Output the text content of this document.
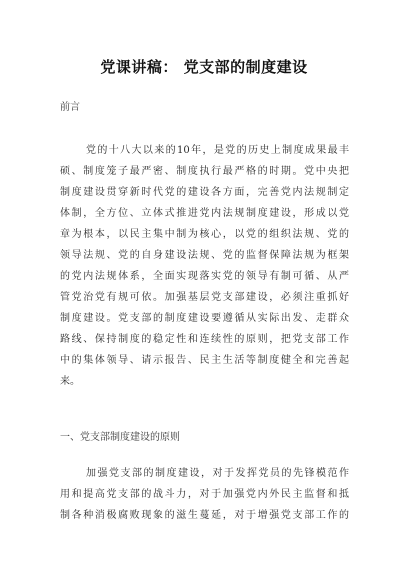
党课讲稿： 党支部的制度建设

前言

党的十八大以来的10年，是党的历史上制度成果最丰
硕、制度笼子最严密、制度执行最严格的时期。党中央把
制度建设贯穿新时代党的建设各方面，完善党内法规制定
体制，全方位、立体式推进党内法规制度建设，形成以党
章为根本，以民主集中制为核心，以党的组织法规、党的
领导法规、党的自身建设法规、党的监督保障法规为框架
的党内法规体系，全面实现落实党的领导有制可循、从严
管党治党有规可依。加强基层党支部建设，必须注重抓好
制度建设。党支部的制度建设要遵循从实际出发、走群众
路线、保持制度的稳定性和连续性的原则，把党支部工作
中的集体领导、请示报告、民主生活等制度健全和完善起
来。

一、党支部制度建设的原则

加强党支部的制度建设，对于发挥党员的先锋模范作
用和提高党支部的战斗力，对于加强党内外民主监督和抵
制各种消极腐败现象的滋生蔓延，对于增强党支部工作的
